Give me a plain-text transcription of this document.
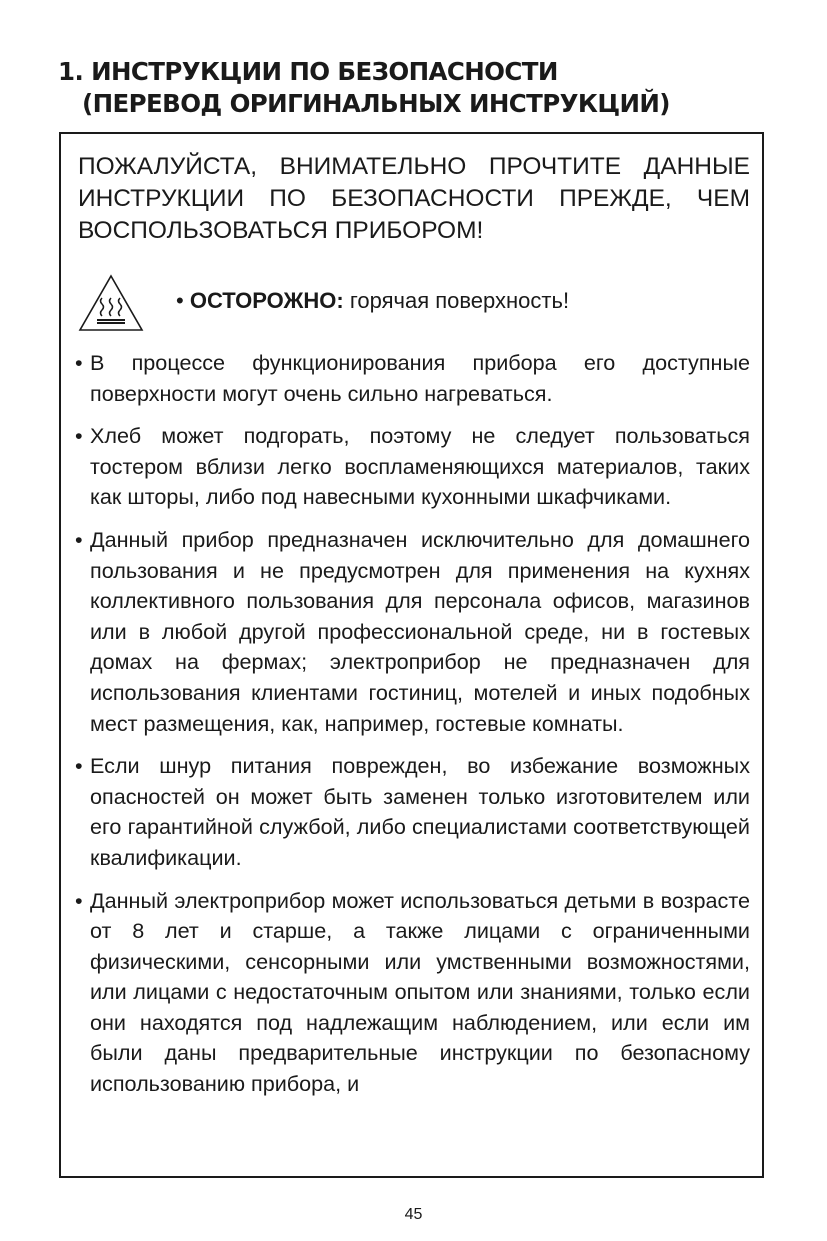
1. ИНСТРУКЦИИ ПО БЕЗОПАСНОСТИ
(ПЕРЕВОД ОРИГИНАЛЬНЫХ ИНСТРУКЦИЙ)
ПОЖАЛУЙСТА, ВНИМАТЕЛЬНО ПРОЧТИТЕ ДАННЫЕ ИНСТРУКЦИИ ПО БЕЗОПАСНОСТИ ПРЕЖДЕ, ЧЕМ ВОСПОЛЬЗОВАТЬСЯ ПРИБОРОМ!
• ОСТОРОЖНО: горячая поверхность!
• В процессе функционирования прибора его доступные поверхности могут очень сильно нагреваться.
• Хлеб может подгорать, поэтому не следует пользоваться тостером вблизи легко воспламеняющихся материалов, таких как шторы, либо под навесными кухонными шкафчиками.
• Данный прибор предназначен исключительно для домашнего пользования и не предусмотрен для применения на кухнях коллективного пользования для персонала офисов, магазинов или в любой другой профессиональной среде, ни в гостевых домах на фермах; электроприбор не предназначен для использования клиентами гостиниц, мотелей и иных подобных мест размещения, как, например, гостевые комнаты.
• Если шнур питания поврежден, во избежание возможных опасностей он может быть заменен только изготовителем или его гарантийной службой, либо специалистами соответствующей квалификации.
• Данный электроприбор может использоваться детьми в возрасте от 8 лет и старше, а также лицами с ограниченными физическими, сенсорными или умственными возможностями, или лицами с недостаточным опытом или знаниями, только если они находятся под надлежащим наблюдением, или если им были даны предварительные инструкции по безопасному использованию прибора, и
45
